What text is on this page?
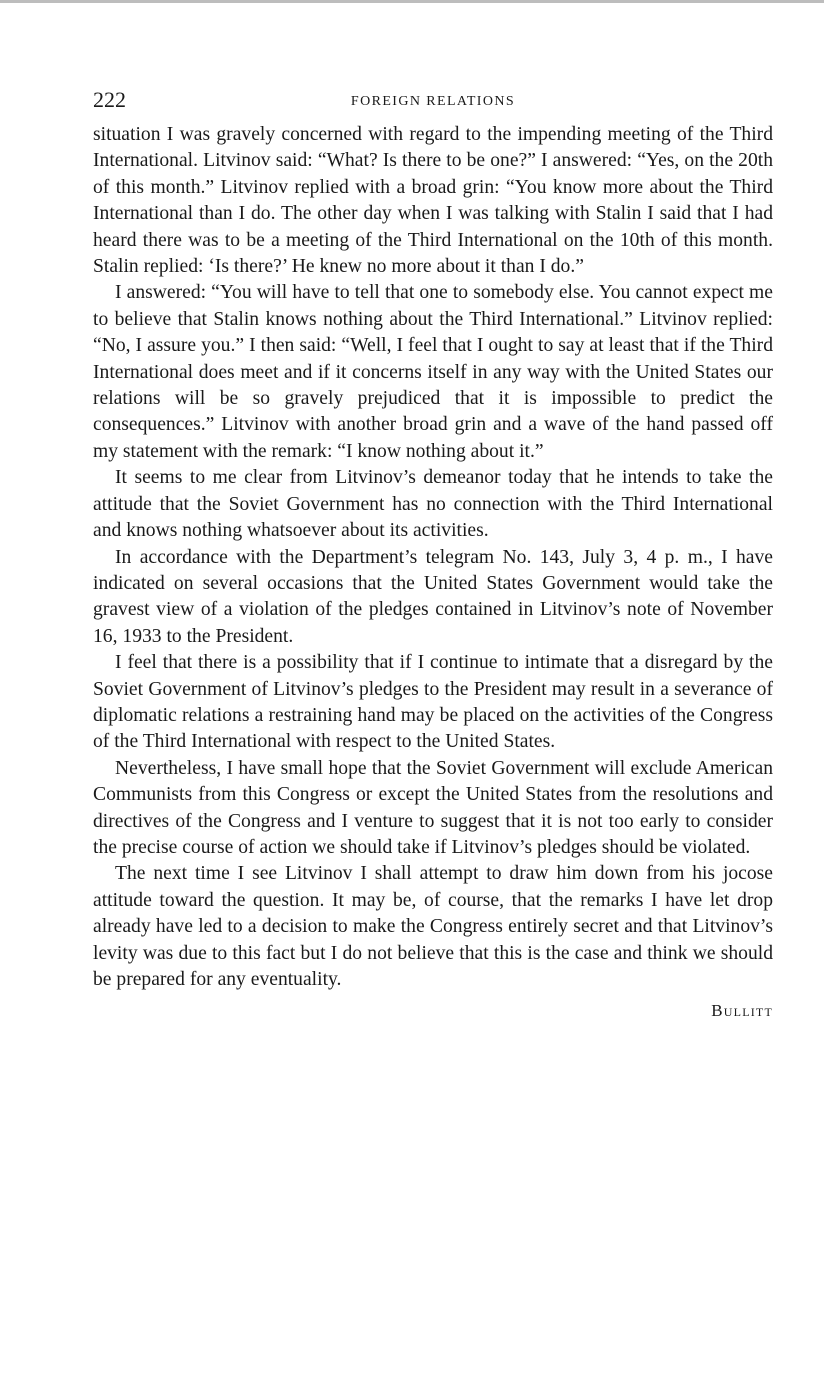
222	FOREIGN RELATIONS

situation I was gravely concerned with regard to the impending meeting of the Third International. Litvinov said: “What? Is there to be one?” I answered: “Yes, on the 20th of this month.” Litvinov replied with a broad grin: “You know more about the Third International than I do. The other day when I was talking with Stalin I said that I had heard there was to be a meeting of the Third International on the 10th of this month. Stalin replied: ‘Is there?’ He knew no more about it than I do.”

I answered: “You will have to tell that one to somebody else. You cannot expect me to believe that Stalin knows nothing about the Third International.” Litvinov replied: “No, I assure you.” I then said: “Well, I feel that I ought to say at least that if the Third International does meet and if it concerns itself in any way with the United States our relations will be so gravely prejudiced that it is impossible to predict the consequences.” Litvinov with another broad grin and a wave of the hand passed off my statement with the remark: “I know nothing about it.”

It seems to me clear from Litvinov’s demeanor today that he intends to take the attitude that the Soviet Government has no connection with the Third International and knows nothing whatsoever about its activities.

In accordance with the Department’s telegram No. 143, July 3, 4 p. m., I have indicated on several occasions that the United States Government would take the gravest view of a violation of the pledges contained in Litvinov’s note of November 16, 1933 to the President.

I feel that there is a possibility that if I continue to intimate that a disregard by the Soviet Government of Litvinov’s pledges to the President may result in a severance of diplomatic relations a restraining hand may be placed on the activities of the Congress of the Third International with respect to the United States.

Nevertheless, I have small hope that the Soviet Government will exclude American Communists from this Congress or except the United States from the resolutions and directives of the Congress and I venture to suggest that it is not too early to consider the precise course of action we should take if Litvinov’s pledges should be violated.

The next time I see Litvinov I shall attempt to draw him down from his jocose attitude toward the question. It may be, of course, that the remarks I have let drop already have led to a decision to make the Congress entirely secret and that Litvinov’s levity was due to this fact but I do not believe that this is the case and think we should be prepared for any eventuality.

Bullitt
